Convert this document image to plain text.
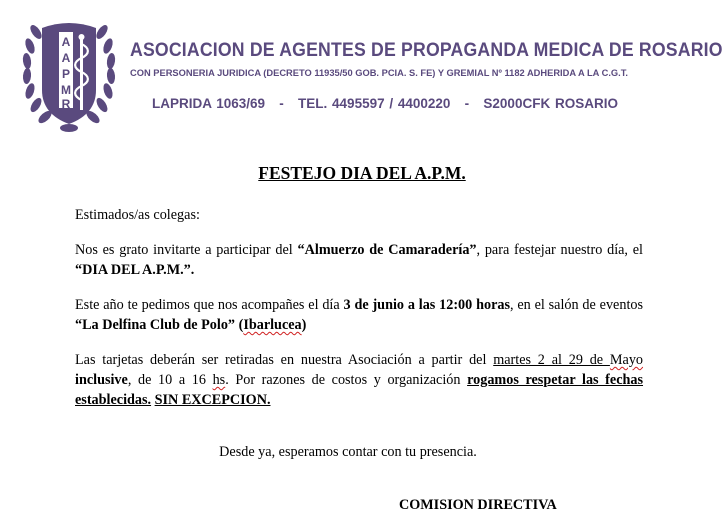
A
A
P
M
R
ASOCIACION DE AGENTES DE PROPAGANDA MEDICA DE ROSARIO
CON PERSONERIA JURIDICA (DECRETO 11935/50 GOB. PCIA. S. FE) Y GREMIAL Nº 1182 ADHERIDA A LA C.G.T.
LAPRIDA 1063/69   -   TEL. 4495597 / 4400220   -   S2000CFK ROSARIO
FESTEJO DIA DEL A.P.M.
Estimados/as colegas:
Nos es grato invitarte a participar del “Almuerzo de Camaradería”, para festejar nuestro día, el “DIA DEL A.P.M.”.
Este año te pedimos que nos acompañes el día 3 de junio a las 12:00 horas, en el salón de eventos “La Delfina Club de Polo” (Ibarlucea)
Las tarjetas deberán ser retiradas en nuestra Asociación a partir del martes 2 al 29 de Mayo inclusive, de 10 a 16 hs. Por razones de costos y organización rogamos respetar las fechas establecidas. SIN EXCEPCION.
Desde ya, esperamos contar con tu presencia.
COMISION DIRECTIVA
